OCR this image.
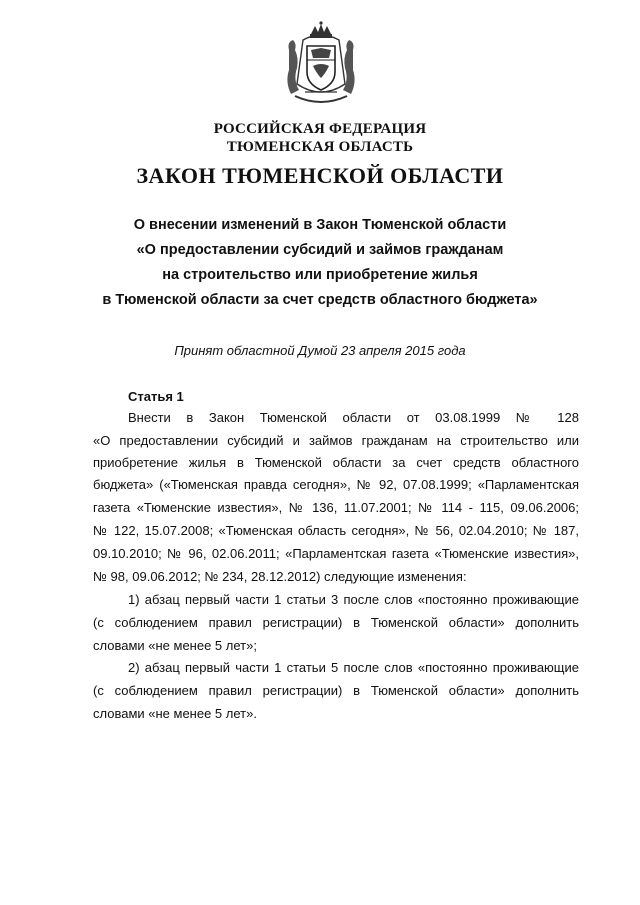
РОССИЙСКАЯ ФЕДЕРАЦИЯ
ТЮМЕНСКАЯ ОБЛАСТЬ
ЗАКОН ТЮМЕНСКОЙ ОБЛАСТИ
О внесении изменений в Закон Тюменской области
«О предоставлении субсидий и займов гражданам
на строительство или приобретение жилья
в Тюменской области за счет средств областного бюджета»
Принят областной Думой 23 апреля 2015 года
Статья 1
Внести в Закон Тюменской области от 03.08.1999 № 128
«О предоставлении субсидий и займов гражданам на строительство или
приобретение жилья в Тюменской области за счет средств областного
бюджета» («Тюменская правда сегодня», № 92, 07.08.1999; «Парламентская
газета «Тюменские известия», № 136, 11.07.2001; № 114 - 115, 09.06.2006;
№ 122, 15.07.2008; «Тюменская область сегодня», № 56, 02.04.2010; № 187,
09.10.2010; № 96, 02.06.2011; «Парламентская газета «Тюменские известия»,
№ 98, 09.06.2012; № 234, 28.12.2012) следующие изменения:
1) абзац первый части 1 статьи 3 после слов «постоянно проживающие
(с соблюдением правил регистрации) в Тюменской области» дополнить
словами «не менее 5 лет»;
2) абзац первый части 1 статьи 5 после слов «постоянно проживающие
(с соблюдением правил регистрации) в Тюменской области» дополнить
словами «не менее 5 лет».
